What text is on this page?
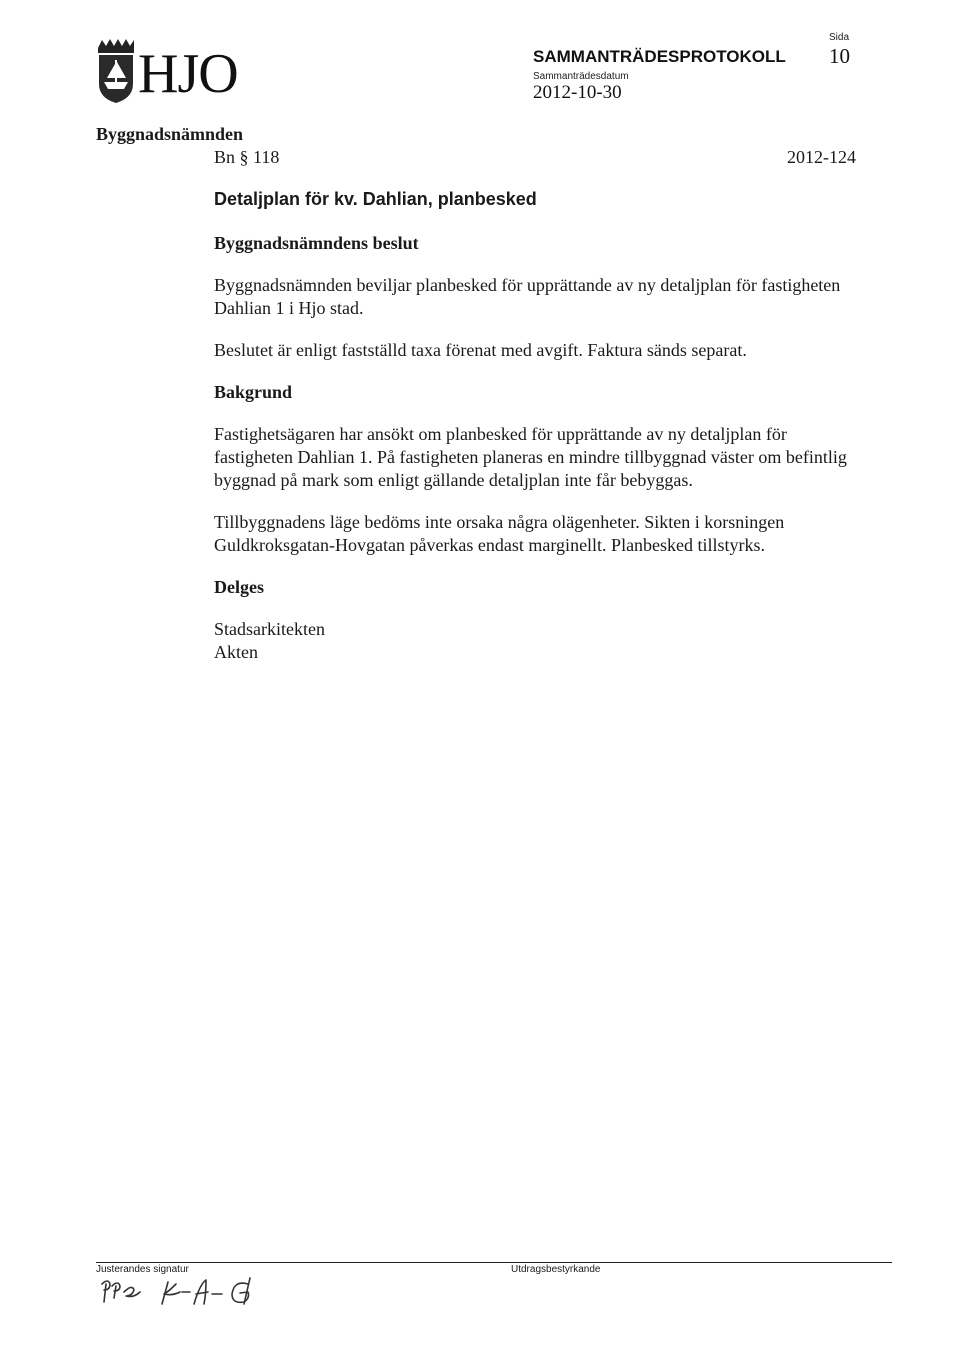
HJO	SAMMANTRÄDESPROTOKOLL
Sammanträdesdatum
2012-10-30
Sida
10
Byggnadsnämnden
Bn § 118	2012-124
Detaljplan för kv. Dahlian, planbesked
Byggnadsnämndens beslut

Byggnadsnämnden beviljar planbesked för upprättande av ny detaljplan för fastigheten Dahlian 1 i Hjo stad.

Beslutet är enligt fastställd taxa förenat med avgift. Faktura sänds separat.

Bakgrund

Fastighetsägaren har ansökt om planbesked för upprättande av ny detaljplan för fastigheten Dahlian 1. På fastigheten planeras en mindre tillbyggnad väster om befintlig byggnad på mark som enligt gällande detaljplan inte får bebyggas.

Tillbyggnadens läge bedöms inte orsaka några olägenheter. Sikten i korsningen Guldkroksgatan-Hovgatan påverkas endast marginellt. Planbesked tillstyrks.

Delges

Stadsarkitekten

Akten

Justerandes signatur	Utdragsbestyrkande
